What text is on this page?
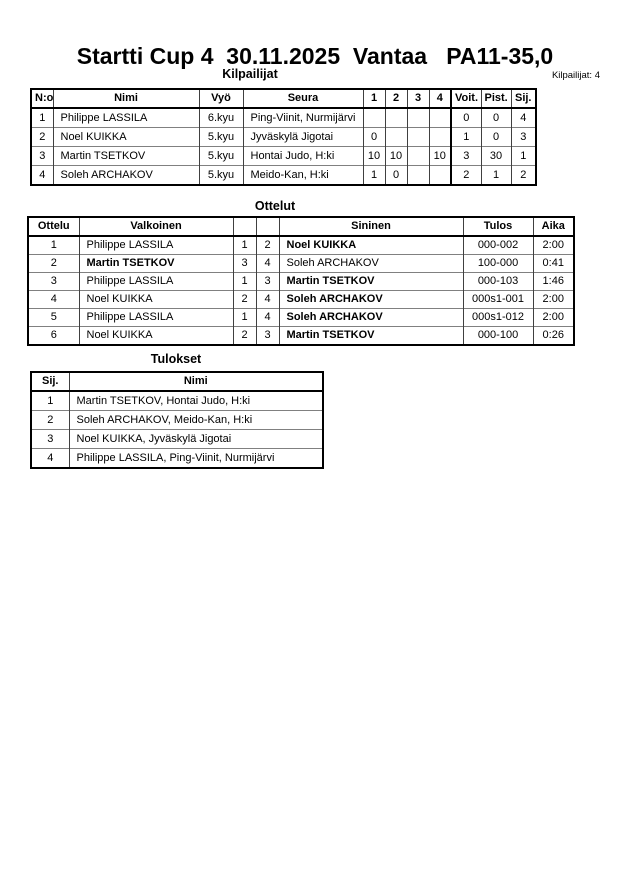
Startti Cup 4  30.11.2025  Vantaa   PA11-35,0
Kilpailijat	Kilpailijat: 4
N:o	Nimi	Vyö	Seura	1	2	3	4	Voit.	Pist.	Sij.
1	Philippe LASSILA	6.kyu	Ping-Viinit, Nurmijärvi					0	0	4
2	Noel KUIKKA	5.kyu	Jyväskylä Jigotai	0				1	0	3
3	Martin TSETKOV	5.kyu	Hontai Judo, H:ki	10	10		10	3	30	1
4	Soleh ARCHAKOV	5.kyu	Meido-Kan, H:ki	1	0			2	1	2
Ottelut
Ottelu	Valkoinen			Sininen	Tulos	Aika
1	Philippe LASSILA	1	2	Noel KUIKKA	000-002	2:00
2	Martin TSETKOV	3	4	Soleh ARCHAKOV	100-000	0:41
3	Philippe LASSILA	1	3	Martin TSETKOV	000-103	1:46
4	Noel KUIKKA	2	4	Soleh ARCHAKOV	000s1-001	2:00
5	Philippe LASSILA	1	4	Soleh ARCHAKOV	000s1-012	2:00
6	Noel KUIKKA	2	3	Martin TSETKOV	000-100	0:26
Tulokset
Sij.	Nimi
1	Martin TSETKOV, Hontai Judo, H:ki
2	Soleh ARCHAKOV, Meido-Kan, H:ki
3	Noel KUIKKA, Jyväskylä Jigotai
4	Philippe LASSILA, Ping-Viinit, Nurmijärvi
